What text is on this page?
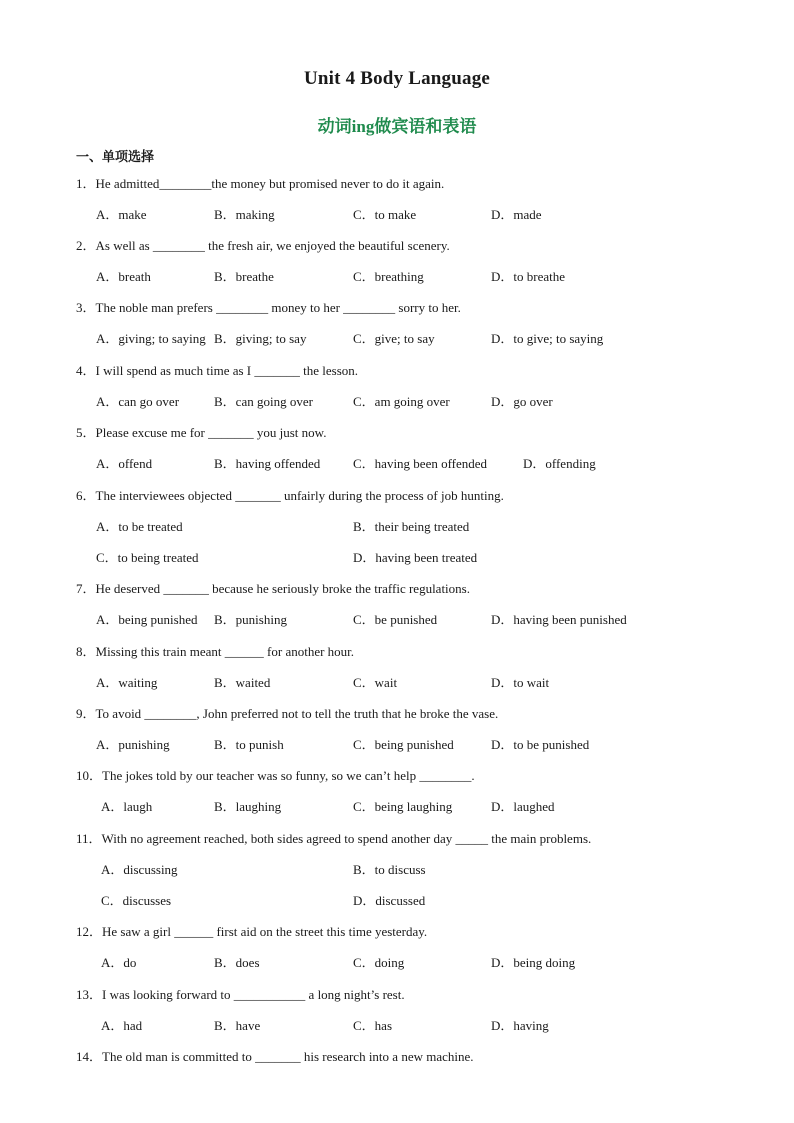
Unit 4 Body Language
动词ing做宾语和表语
一、单项选择
1．He admitted________the money but promised never to do it again.
A．make	B．making	C．to make	D．made
2．As well as ________ the fresh air, we enjoyed the beautiful scenery.
A．breath	B．breathe	C．breathing	D．to breathe
3．The noble man prefers ________ money to her ________ sorry to her.
A．giving; to saying B．giving; to say	C．give; to say	D．to give; to saying
4．I will spend as much time as I _______ the lesson.
A．can go over	B．can going over	C．am going over	D．go over
5．Please excuse me for _______ you just now.
A．offend	B．having offended	C．having been offended	D．offending
6．The interviewees objected _______ unfairly during the process of job hunting.
A．to be treated	B．their being treated
C．to being treated	D．having been treated
7．He deserved _______ because he seriously broke the traffic regulations.
A．being punished B．punishing	C．be punished	D．having been punished
8．Missing this train meant ______ for another hour.
A．waiting	B．waited	C．wait	D．to wait
9．To avoid ________, John preferred not to tell the truth that he broke the vase.
A．punishing	B．to punish	C．being punished	D．to be punished
10．The jokes told by our teacher was so funny, so we can’t help ________.
A．laugh	B．laughing	C．being laughing	D．laughed
11．With no agreement reached, both sides agreed to spend another day _____ the main problems.
A．discussing	B．to discuss
C．discusses	D．discussed
12．He saw a girl ______ first aid on the street this time yesterday.
A．do	B．does	C．doing	D．being doing
13．I was looking forward to ___________ a long night’s rest.
A．had	B．have	C．has	D．having
14．The old man is committed to _______ his research into a new machine.
